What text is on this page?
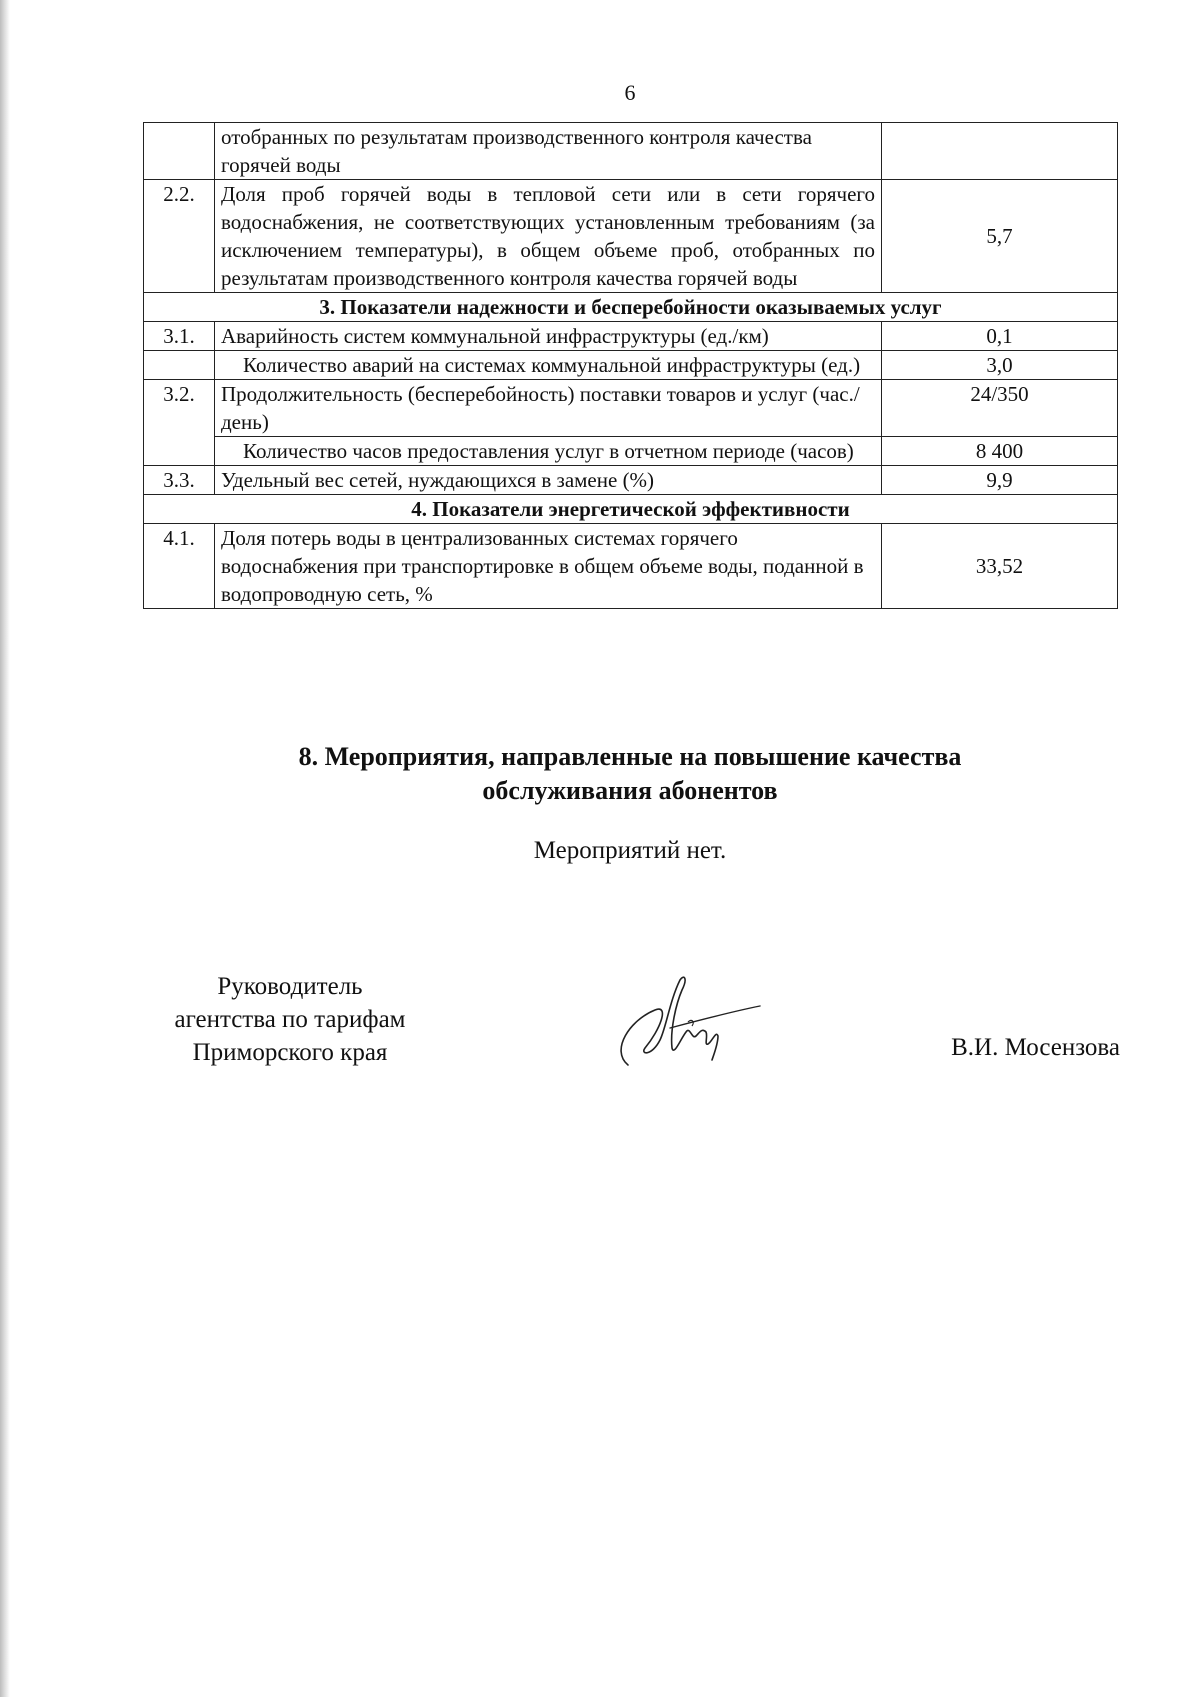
6
	отобранных по результатам производственного контроля качества горячей воды	
2.2.	Доля проб горячей воды в тепловой сети или в сети горячего водоснабжения, не соответствующих установленным требованиям (за исключением температуры), в общем объеме проб, отобранных по результатам производственного контроля качества горячей воды	5,7
3. Показатели надежности и бесперебойности оказываемых услуг		
3.1.	Аварийность систем коммунальной инфраструктуры (ед./км)	0,1
	Количество аварий на системах коммунальной инфраструктуры (ед.)	3,0
3.2.	Продолжительность (бесперебойность) поставки товаров и услуг (час./день)	24/350
	Количество часов предоставления услуг в отчетном периоде (часов)	8 400
3.3.	Удельный вес сетей, нуждающихся в замене (%)	9,9
4. Показатели энергетической эффективности		
4.1.	Доля потерь воды в централизованных системах горячего водоснабжения при транспортировке в общем объеме воды, поданной в водопроводную сеть, %	33,52
8. Мероприятия, направленные на повышение качества
обслуживания абонентов
Мероприятий нет.
Руководитель
агентства по тарифам
Приморского края	В.И. Мосензова
